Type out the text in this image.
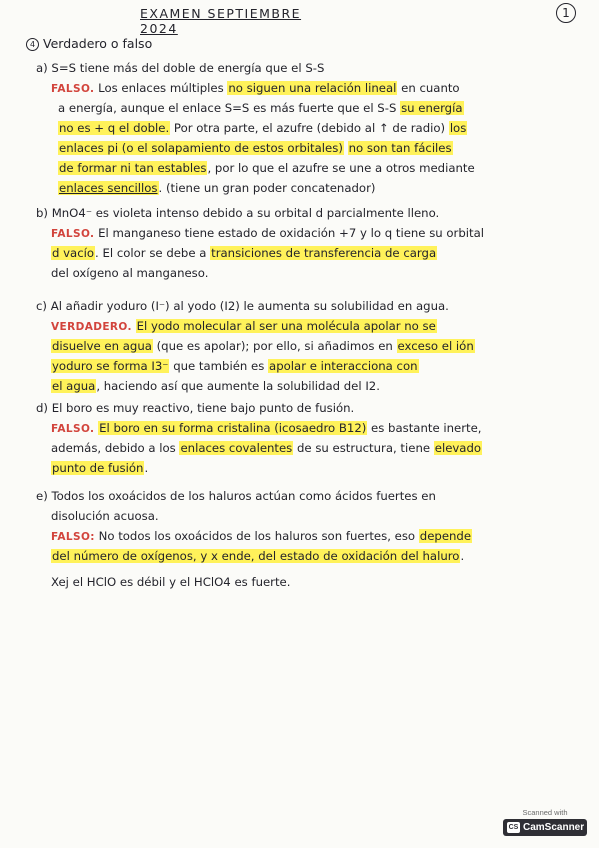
EXAMEN SEPTIEMBRE 2024
1
4 Verdadero o falso
a) S=S tiene más del doble de energía que el S-S
FALSO. Los enlaces múltiples no siguen una relación lineal en cuanto
a energía, aunque el enlace S=S es más fuerte que el S-S su energía
no es + q el doble. Por otra parte, el azufre (debido al ↑ de radio) los
enlaces pi (o el solapamiento de estos orbitales) no son tan fáciles
de formar ni tan estables, por lo que el azufre se une a otros mediante
enlaces sencillos. (tiene un gran poder concatenador)
b) MnO4⁻ es violeta intenso debido a su orbital d parcialmente lleno.
FALSO. El manganeso tiene estado de oxidación +7 y lo q tiene su orbital
d vacío. El color se debe a transiciones de transferencia de carga
del oxígeno al manganeso.
c) Al añadir yoduro (I⁻) al yodo (I2) le aumenta su solubilidad en agua.
VERDADERO. El yodo molecular al ser una molécula apolar no se
disuelve en agua (que es apolar); por ello, si añadimos en exceso el ión
yoduro se forma I3⁻ que también es apolar e interacciona con
el agua, haciendo así que aumente la solubilidad del I2.
d) El boro es muy reactivo, tiene bajo punto de fusión.
FALSO. El boro en su forma cristalina (icosaedro B12) es bastante inerte,
además, debido a los enlaces covalentes de su estructura, tiene elevado
punto de fusión.
e) Todos los oxoácidos de los haluros actúan como ácidos fuertes en
disolución acuosa.
FALSO: No todos los oxoácidos de los haluros son fuertes, eso depende
del número de oxígenos, y x ende, del estado de oxidación del haluro.
Xej el HClO es débil y el HClO4 es fuerte.
Scanned with
CS CamScanner
